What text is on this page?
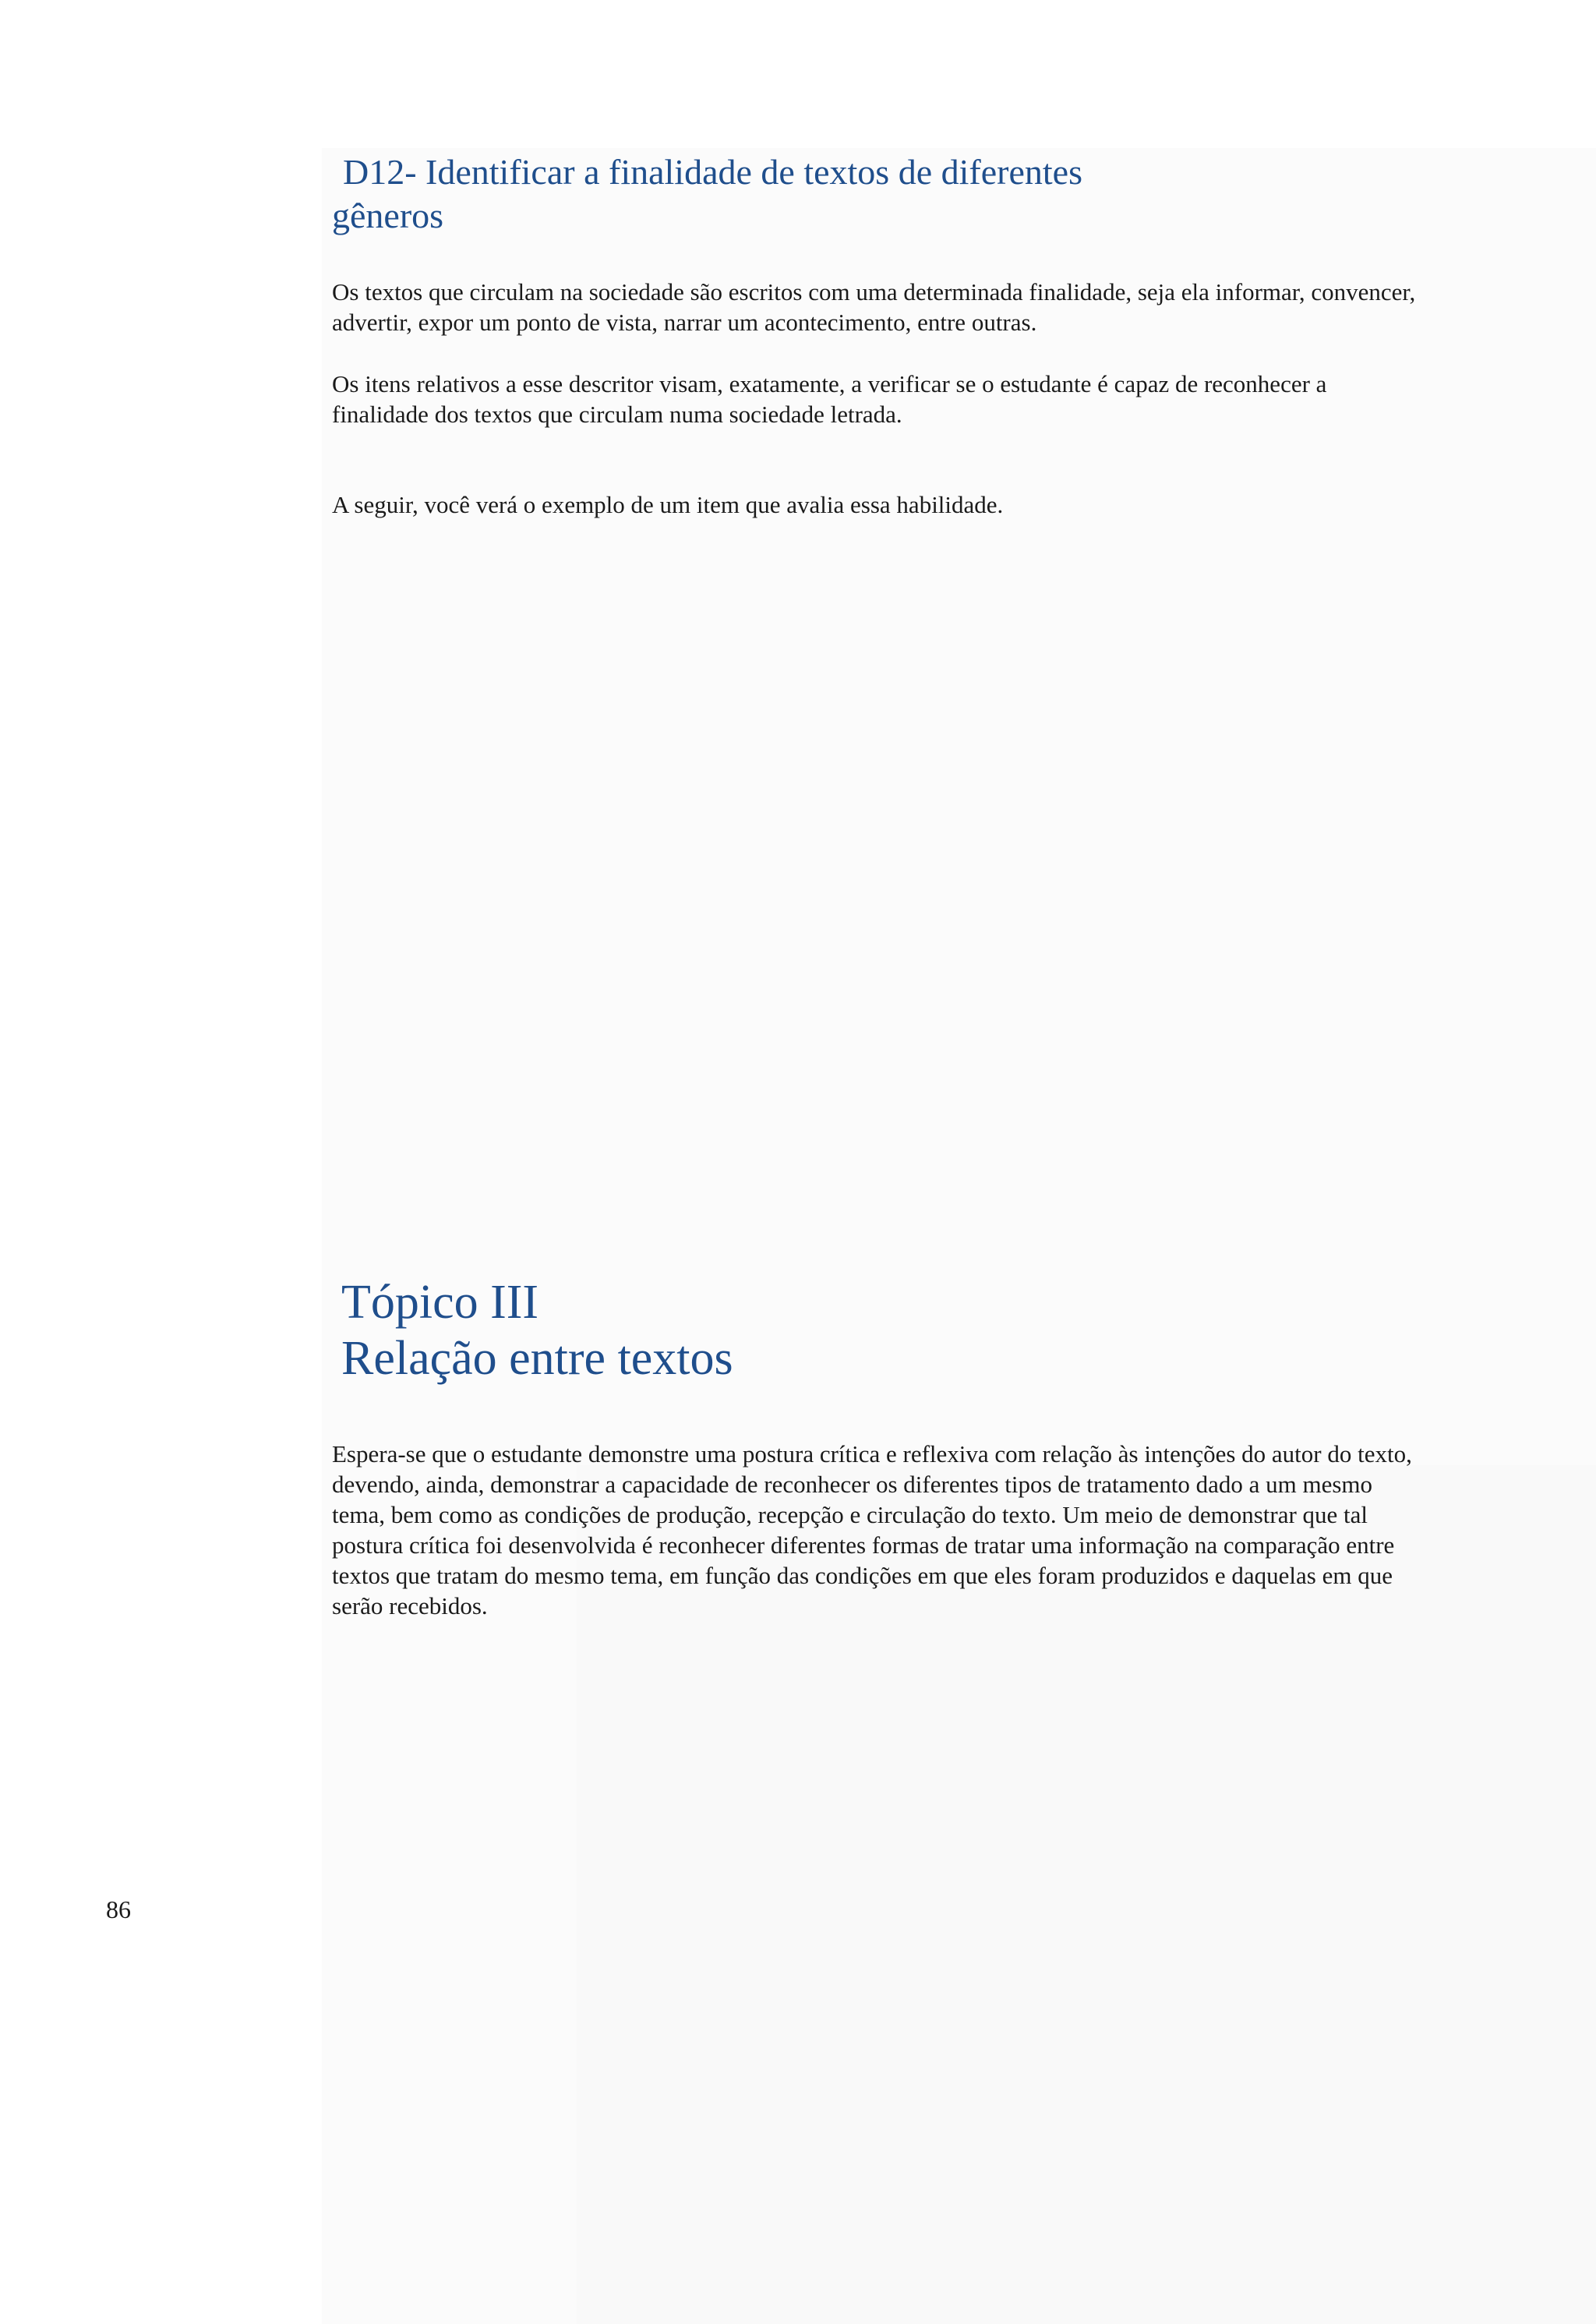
D12- Identificar a finalidade de textos de diferentes
gêneros

Os textos que circulam na sociedade são escritos com uma determinada finalidade, seja ela informar, convencer, advertir, expor um ponto de vista, narrar um acontecimento, entre outras.

Os itens relativos a esse descritor visam, exatamente, a verificar se o estudante é capaz de reconhecer a finalidade dos textos que circulam numa sociedade letrada.

A seguir, você verá o exemplo de um item que avalia essa habilidade.

Tópico III
Relação entre textos

Espera-se que o estudante demonstre uma postura crítica e reflexiva com relação às intenções do autor do texto, devendo, ainda, demonstrar a capacidade de reconhecer os diferentes tipos de tratamento dado a um mesmo tema, bem como as condições de produção, recepção e circulação do texto. Um meio de demonstrar que tal postura crítica foi desenvolvida é reconhecer diferentes formas de tratar uma informação na comparação entre textos que tratam do mesmo tema, em função das condições em que eles foram produzidos e daquelas em que serão recebidos.

86
